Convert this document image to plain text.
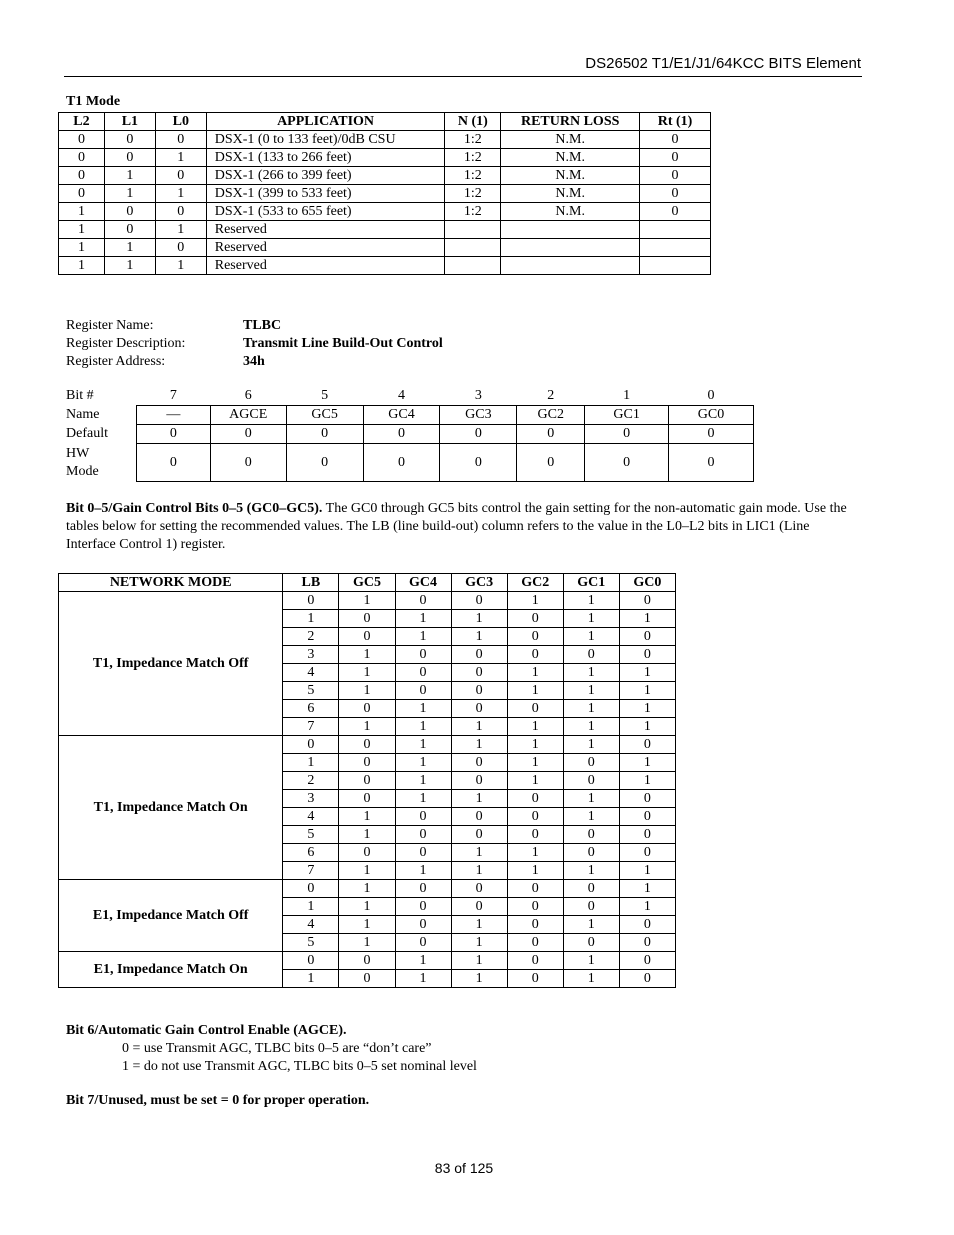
DS26502 T1/E1/J1/64KCC BITS Element
T1 Mode
L2	L1	L0	APPLICATION	N (1)	RETURN LOSS	Rt (1)
0	0	0	DSX-1 (0 to 133 feet)/0dB CSU	1:2	N.M.	0
0	0	1	DSX-1 (133 to 266 feet)	1:2	N.M.	0
0	1	0	DSX-1 (266 to 399 feet)	1:2	N.M.	0
0	1	1	DSX-1 (399 to 533 feet)	1:2	N.M.	0
1	0	0	DSX-1 (533 to 655 feet)	1:2	N.M.	0
1	0	1	Reserved			
1	1	0	Reserved			
1	1	1	Reserved			
Register Name:	TLBC
Register Description:	Transmit Line Build-Out Control
Register Address:	34h
Bit #	7	6	5	4	3	2	1	0
Name	—	AGCE	GC5	GC4	GC3	GC2	GC1	GC0
Default	0	0	0	0	0	0	0	0
HW
Mode	0	0	0	0	0	0	0	0
Bit 0–5/Gain Control Bits 0–5 (GC0–GC5). The GC0 through GC5 bits control the gain setting for the non-automatic gain mode. Use the tables below for setting the recommended values. The LB (line build-out) column refers to the value in the L0–L2 bits in LIC1 (Line Interface Control 1) register.
NETWORK MODE	LB	GC5	GC4	GC3	GC2	GC1	GC0
T1, Impedance Match Off	0	1	0	0	1	1	0
	1	0	1	1	0	1	1
	2	0	1	1	0	1	0
	3	1	0	0	0	0	0
	4	1	0	0	1	1	1
	5	1	0	0	1	1	1
	6	0	1	0	0	1	1
	7	1	1	1	1	1	1
T1, Impedance Match On	0	0	1	1	1	1	0
	1	0	1	0	1	0	1
	2	0	1	0	1	0	1
	3	0	1	1	0	1	0
	4	1	0	0	0	1	0
	5	1	0	0	0	0	0
	6	0	0	1	1	0	0
	7	1	1	1	1	1	1
E1, Impedance Match Off	0	1	0	0	0	0	1
	1	1	0	0	0	0	1
	4	1	0	1	0	1	0
	5	1	0	1	0	0	0
E1, Impedance Match On	0	0	1	1	0	1	0
	1	0	1	1	0	1	0
Bit 6/Automatic Gain Control Enable (AGCE).
0 = use Transmit AGC, TLBC bits 0–5 are “don’t care”
1 = do not use Transmit AGC, TLBC bits 0–5 set nominal level
Bit 7/Unused, must be set = 0 for proper operation.
83 of 125
